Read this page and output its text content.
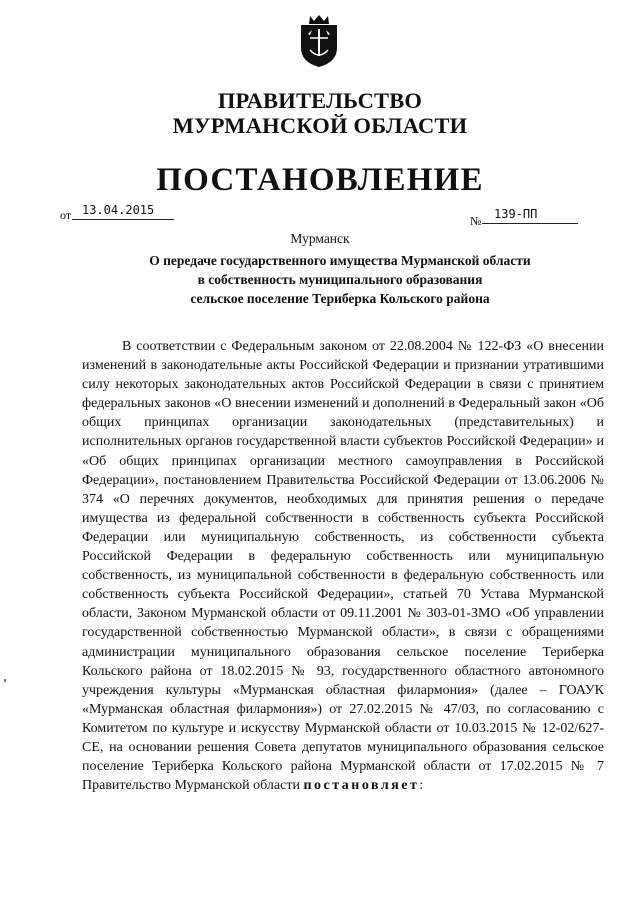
ПРАВИТЕЛЬСТВО
МУРМАНСКОЙ ОБЛАСТИ
ПОСТАНОВЛЕНИЕ
от 13.04.2015
№	139-ПП
Мурманск
О передаче государственного имущества Мурманской области
в собственность муниципального образования
сельское поселение Териберка Кольского района

В соответствии с Федеральным законом от 22.08.2004 № 122-ФЗ «О внесении изменений в законодательные акты Российской Федерации и признании утратившими силу некоторых законодательных актов Российской Федерации в связи с принятием федеральных законов «О внесении изменений и дополнений в Федеральный закон «Об общих принципах организации законодательных (представительных) и исполнительных органов государственной власти субъектов Российской Федерации» и «Об общих принципах организации местного самоуправления в Российской Федерации», постановлением Правительства Российской Федерации от 13.06.2006 № 374 «О перечнях документов, необходимых для принятия решения о передаче имущества из федеральной собственности в собственность субъекта Российской Федерации или муниципальную собственность, из собственности субъекта Российской Федерации в федеральную собственность или муниципальную собственность, из муниципальной собственности в федеральную собственность или собственность субъекта Российской Федерации», статьей 70 Устава Мурманской области, Законом Мурманской области от 09.11.2001 № 303-01-ЗМО «Об управлении государственной собственностью Мурманской области», в связи с обращениями администрации муниципального образования сельское поселение Териберка Кольского района от 18.02.2015 № 93, государственного областного автономного учреждения культуры «Мурманская областная филармония» (далее – ГОАУК «Мурманская областная филармония») от 27.02.2015 № 47/03, по согласованию с Комитетом по культуре и искусству Мурманской области от 10.03.2015 № 12-02/627-СЕ, на основании решения Совета депутатов муниципального образования сельское поселение Териберка Кольского района Мурманской области от 17.02.2015 № 7 Правительство Мурманской области постановляет:
